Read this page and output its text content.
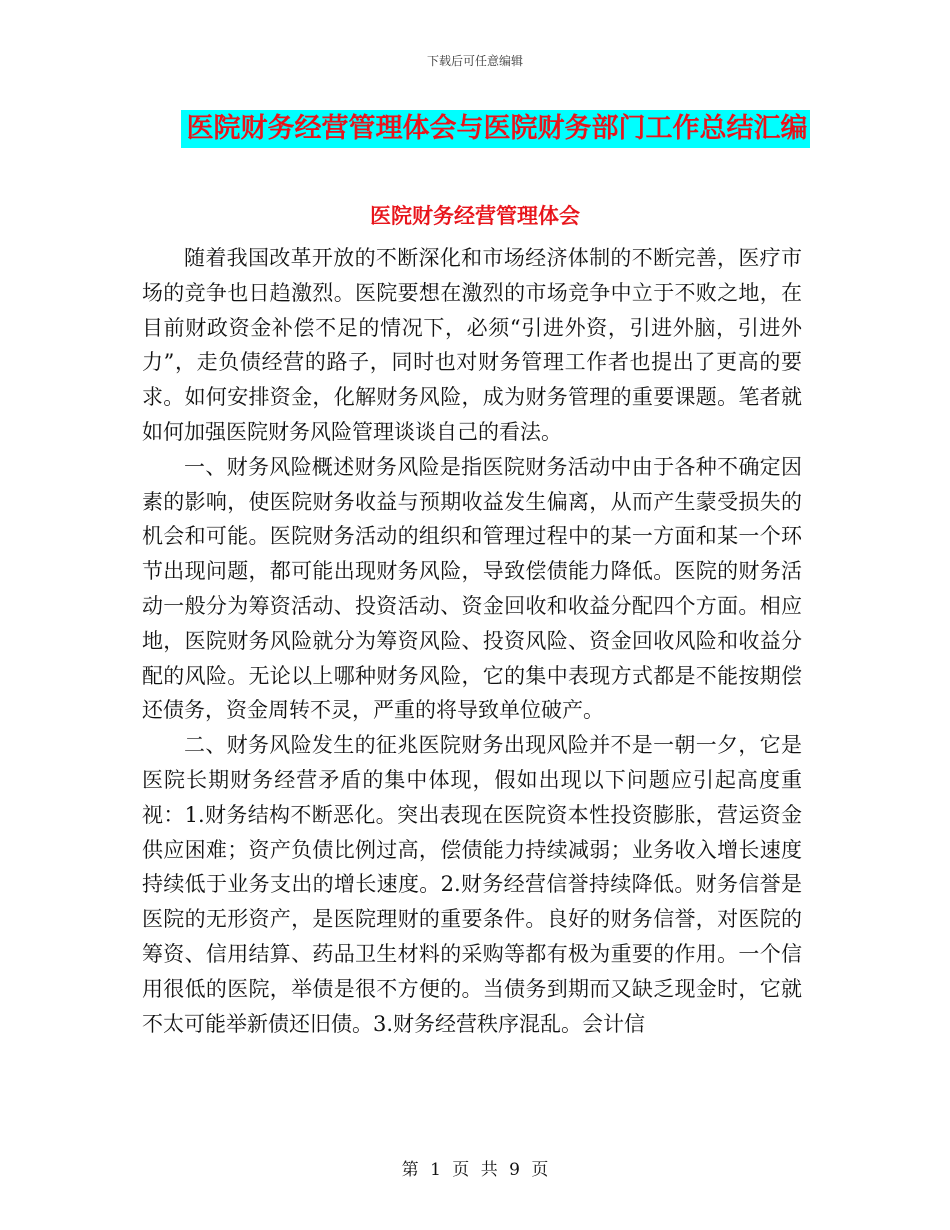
下载后可任意编辑
医院财务经营管理体会与医院财务部门工作总结汇编
医院财务经营管理体会

随着我国改革开放的不断深化和市场经济体制的不断完善，医疗市场的竞争也日趋激烈。医院要想在激烈的市场竞争中立于不败之地，在目前财政资金补偿不足的情况下，必须“引进外资，引进外脑，引进外力”，走负债经营的路子，同时也对财务管理工作者也提出了更高的要求。如何安排资金，化解财务风险，成为财务管理的重要课题。笔者就如何加强医院财务风险管理谈谈自己的看法。

一、财务风险概述财务风险是指医院财务活动中由于各种不确定因素的影响，使医院财务收益与预期收益发生偏离，从而产生蒙受损失的机会和可能。医院财务活动的组织和管理过程中的某一方面和某一个环节出现问题，都可能出现财务风险，导致偿债能力降低。医院的财务活动一般分为筹资活动、投资活动、资金回收和收益分配四个方面。相应地，医院财务风险就分为筹资风险、投资风险、资金回收风险和收益分配的风险。无论以上哪种财务风险，它的集中表现方式都是不能按期偿还债务，资金周转不灵，严重的将导致单位破产。

二、财务风险发生的征兆医院财务出现风险并不是一朝一夕，它是医院长期财务经营矛盾的集中体现，假如出现以下问题应引起高度重视：1.财务结构不断恶化。突出表现在医院资本性投资膨胀，营运资金供应困难；资产负债比例过高，偿债能力持续减弱；业务收入增长速度持续低于业务支出的增长速度。2.财务经营信誉持续降低。财务信誉是医院的无形资产，是医院理财的重要条件。良好的财务信誉，对医院的筹资、信用结算、药品卫生材料的采购等都有极为重要的作用。一个信用很低的医院，举债是很不方便的。当债务到期而又缺乏现金时，它就不太可能举新债还旧债。3.财务经营秩序混乱。会计信

第 1 页 共 9 页
